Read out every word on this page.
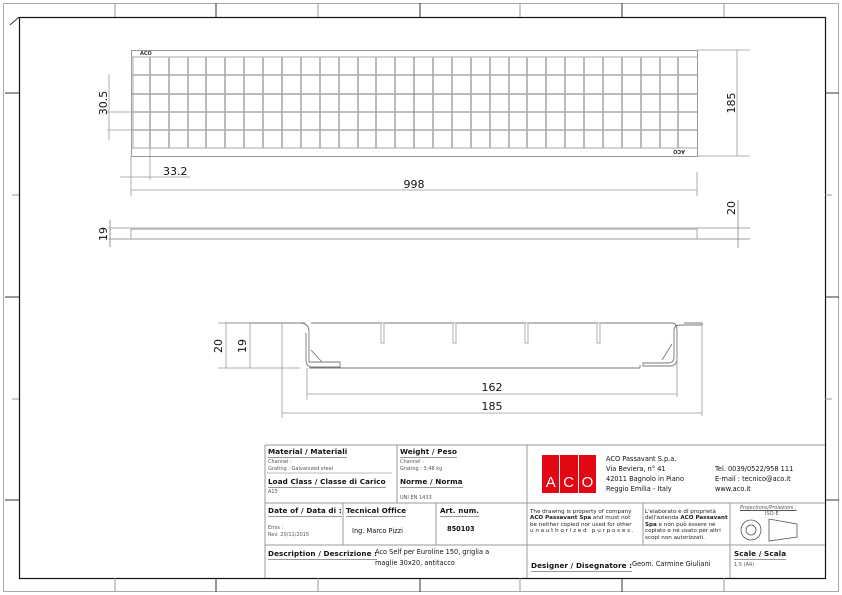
ACO
ACO
30.5
33.2
998
185
19
20
20 19
162
185
Material / Materiali
Channel :
Grating : Galvanized steel
Weight / Peso
Channel :
Grating : 3,48 kg
Load Class / Classe di Carico
A15
Norme / Norma
UNI EN 1433
Date of / Data di :
Emis :
Rev: 20/11/2015
Tecnical Office
Ing. Marco Pizzi
Art. num.
850103
Description / Descrizione :
Aco Self per Euroline 150, griglia a
maglie 30x20, antitacco
A C O
ACO Passavant S.p.a.
Via Beviera, n° 41
42011 Bagnolo in Piano
Reggio Emilia - Italy
Tel. 0039/0522/958 111
E-mail : tecnico@aco.it
www.aco.it
The drawing is property of company
ACO Passavant Spa and must not
be neither copied nor used for other
u n a u t h o r i z e d   p u r p o s e s .
L'elaborato è di proprietà
dell'azienda ACO Passavant
Spa e non può essere né
copiato e né usato per altri
scopi non autorizzati.
Projections/Proiezioni :
ISO-E
Designer / Disegnatore : Geom. Carmine Giuliani
Scale / Scala
1:5 (A4)
